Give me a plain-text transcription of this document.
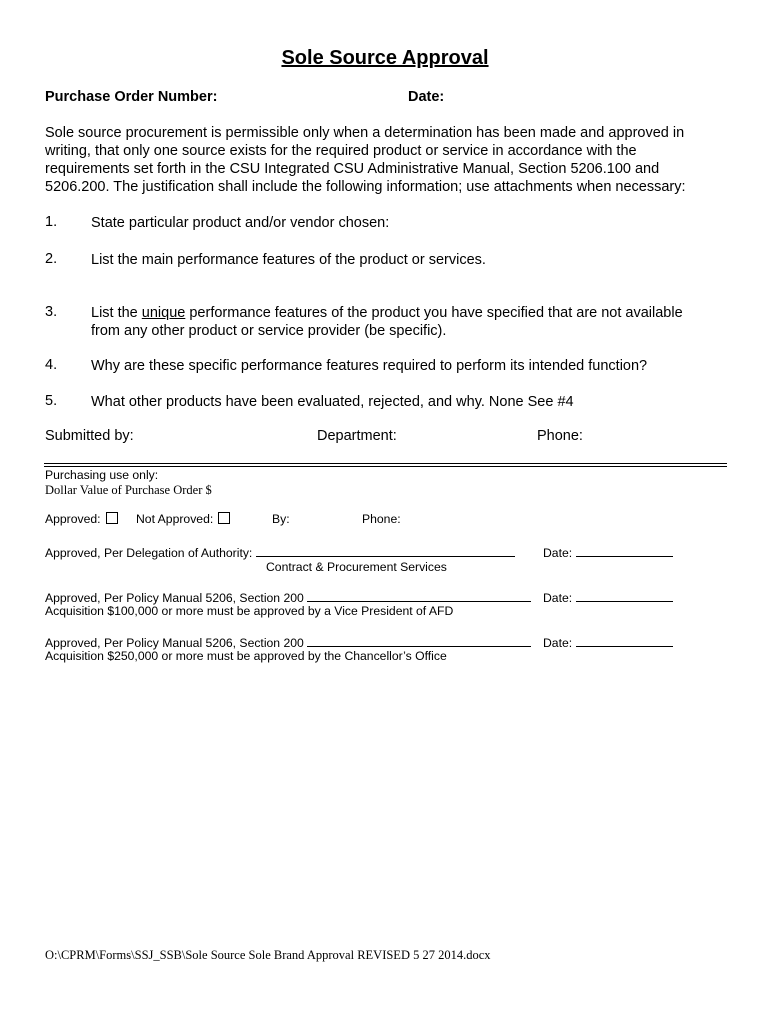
Sole Source Approval
Purchase Order Number:	Date:
Sole source procurement is permissible only when a determination has been made and approved in
writing, that only one source exists for the required product or service in accordance with the
requirements set forth in the CSU Integrated CSU Administrative Manual, Section 5206.100 and
5206.200. The justification shall include the following information; use attachments when necessary:
1. State particular product and/or vendor chosen:
2. List the main performance features of the product or services.
3. List the unique performance features of the product you have specified that are not available
from any other product or service provider (be specific).
4. Why are these specific performance features required to perform its intended function?
5. What other products have been evaluated, rejected, and why. None See #4
Submitted by:	Department:	Phone:
Purchasing use only:
Dollar Value of Purchase Order $
Approved:	Not Approved:	By:	Phone:
Approved, Per Delegation of Authority:	Date:
Contract & Procurement Services
Approved, Per Policy Manual 5206, Section 200	Date:
Acquisition $100,000 or more must be approved by a Vice President of AFD
Approved, Per Policy Manual 5206, Section 200	Date:
Acquisition $250,000 or more must be approved by the Chancellor’s Office
O:\CPRM\Forms\SSJ_SSB\Sole Source Sole Brand Approval REVISED 5 27 2014.docx
